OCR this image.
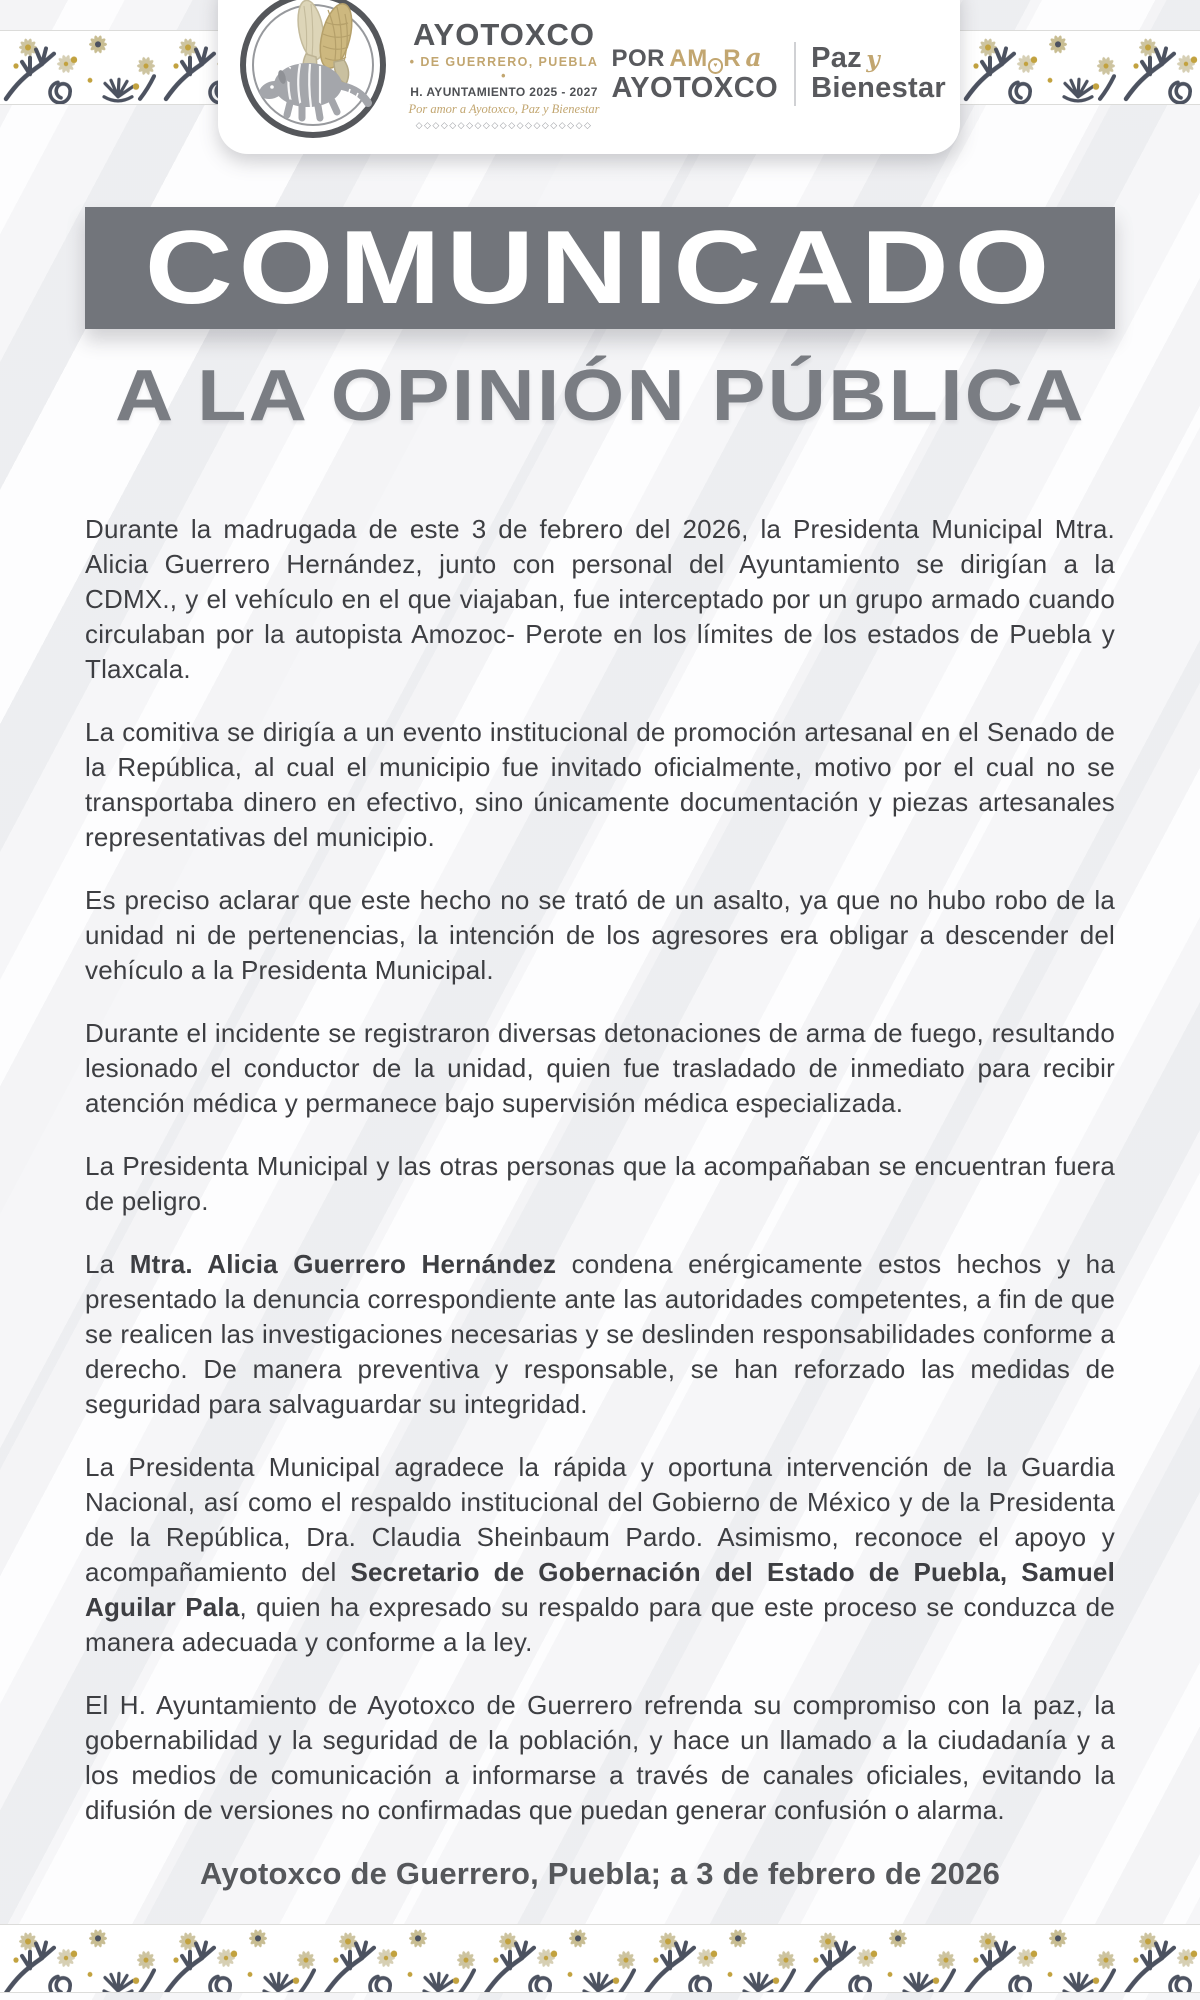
AYOTOXCO
• DE GUERRERO, PUEBLA •
H. AYUNTAMIENTO 2025 - 2027
Por amor a Ayotoxco, Paz y Bienestar
◇◇◇◇◇◇◇◇◇◇◇◇◇◇◇◇◇◇◇◇◇
POR AM ♥ R a
AYOTOXCO
Paz y
Bienestar
COMUNICADO
A LA OPINIÓN PÚBLICA

Durante la madrugada de este 3 de febrero del 2026, la Presidenta Municipal Mtra. Alicia Guerrero Hernández, junto con personal del Ayuntamiento se dirigían a la CDMX., y el vehículo en el que viajaban, fue interceptado por un grupo armado cuando circulaban por la autopista Amozoc- Perote en los límites de los estados de Puebla y Tlaxcala.

La comitiva se dirigía a un evento institucional de promoción artesanal en el Senado de la República, al cual el municipio fue invitado oficialmente, motivo por el cual no se transportaba dinero en efectivo, sino únicamente documentación y piezas artesanales representativas del municipio.

Es preciso aclarar que este hecho no se trató de un asalto, ya que no hubo robo de la unidad ni de pertenencias, la intención de los agresores era obligar a descender del vehículo a la Presidenta Municipal.

Durante el incidente se registraron diversas detonaciones de arma de fuego, resultando lesionado el conductor de la unidad, quien fue trasladado de inmediato para recibir atención médica y permanece bajo supervisión médica especializada.

La Presidenta Municipal y las otras personas que la acompañaban se encuentran fuera de peligro.

La Mtra. Alicia Guerrero Hernández condena enérgicamente estos hechos y ha presentado la denuncia correspondiente ante las autoridades competentes, a fin de que se realicen las investigaciones necesarias y se deslinden responsabilidades conforme a derecho. De manera preventiva y responsable, se han reforzado las medidas de seguridad para salvaguardar su integridad.

La Presidenta Municipal agradece la rápida y oportuna intervención de la Guardia Nacional, así como el respaldo institucional del Gobierno de México y de la Presidenta de la República, Dra. Claudia Sheinbaum Pardo. Asimismo, reconoce el apoyo y acompañamiento del Secretario de Gobernación del Estado de Puebla, Samuel Aguilar Pala, quien ha expresado su respaldo para que este proceso se conduzca de manera adecuada y conforme a la ley.

El H. Ayuntamiento de Ayotoxco de Guerrero refrenda su compromiso con la paz, la gobernabilidad y la seguridad de la población, y hace un llamado a la ciudadanía y a los medios de comunicación a informarse a través de canales oficiales, evitando la difusión de versiones no confirmadas que puedan generar confusión o alarma.

Ayotoxco de Guerrero, Puebla; a 3 de febrero de 2026
